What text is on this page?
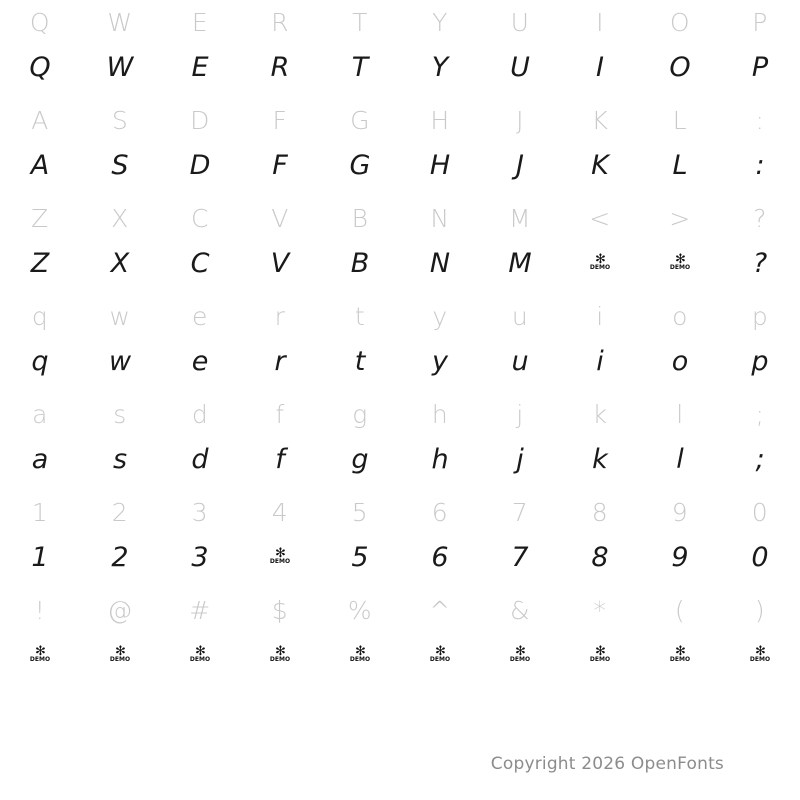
Q
Q
W
W
E
E
R
R
T
T
Y
Y
U
U
I
I
O
O
P
P
A
A
S
S
D
D
F
F
G
G
H
H
J
J
K
K
L
L
:
:
Z
Z
X
X
C
C
V
V
B
B
N
N
M
M
<
✻
DEMO
>
✻
DEMO
?
?
q
q
w
w
e
e
r
r
t
t
y
y
u
u
i
i
o
o
p
p
a
a
s
s
d
d
f
f
g
g
h
h
j
j
k
k
l
l
;
;
1
1
2
2
3
3
4
✻
DEMO
5
5
6
6
7
7
8
8
9
9
0
0
!
✻
DEMO
@
✻
DEMO
#
✻
DEMO
$
✻
DEMO
%
✻
DEMO
^
✻
DEMO
&
✻
DEMO
*
✻
DEMO
(
✻
DEMO
)
✻
DEMO
Copyright 2026 OpenFonts
